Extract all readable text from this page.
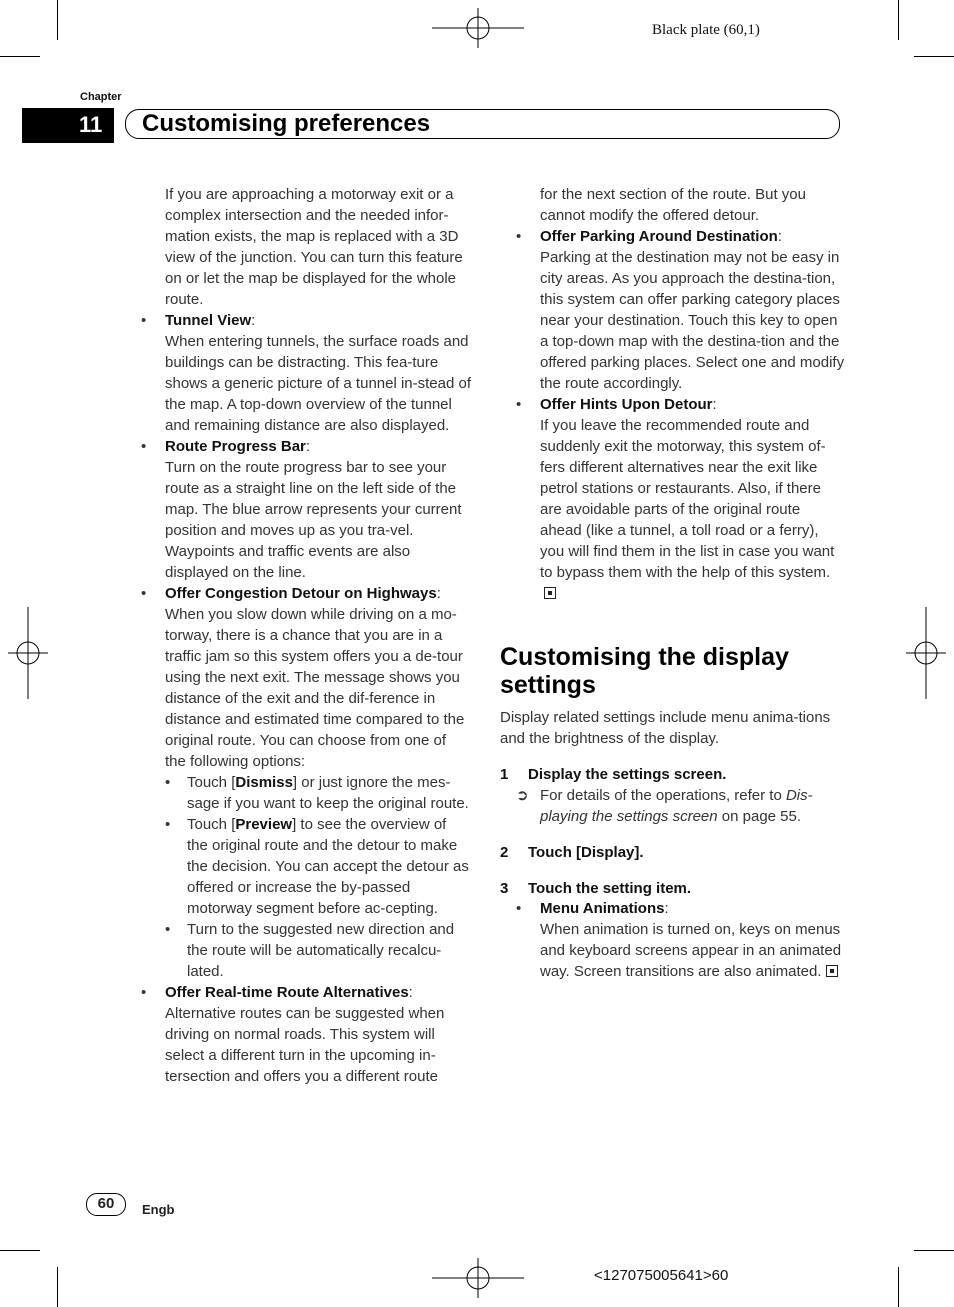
Black plate (60,1)
Chapter
11 Customising preferences

If you are approaching a motorway exit or a complex intersection and the needed infor-mation exists, the map is replaced with a 3D view of the junction. You can turn this feature on or let the map be displayed for the whole route.

• Tunnel View:

When entering tunnels, the surface roads and buildings can be distracting. This fea-ture shows a generic picture of a tunnel in-stead of the map. A top-down overview of the tunnel and remaining distance are also displayed.

• Route Progress Bar:

Turn on the route progress bar to see your route as a straight line on the left side of the map. The blue arrow represents your current position and moves up as you tra-vel. Waypoints and traffic events are also displayed on the line.

• Offer Congestion Detour on Highways:

When you slow down while driving on a mo-torway, there is a chance that you are in a traffic jam so this system offers you a de-tour using the next exit. The message shows you distance of the exit and the dif-ference in distance and estimated time compared to the original route. You can choose from one of the following options:

• Touch [Dismiss] or just ignore the mes-sage if you want to keep the original route.
• Touch [Preview] to see the overview of the original route and the detour to make the decision. You can accept the detour as offered or increase the by-passed motorway segment before ac-cepting.
• Turn to the suggested new direction and the route will be automatically recalcu-lated.
• Offer Real-time Route Alternatives:

Alternative routes can be suggested when driving on normal roads. This system will select a different turn in the upcoming in-tersection and offers you a different route

for the next section of the route. But you cannot modify the offered detour.

• Offer Parking Around Destination:

Parking at the destination may not be easy in city areas. As you approach the destina-tion, this system can offer parking category places near your destination. Touch this key to open a top-down map with the destina-tion and the offered parking places. Select one and modify the route accordingly.

• Offer Hints Upon Detour:

If you leave the recommended route and suddenly exit the motorway, this system of-fers different alternatives near the exit like petrol stations or restaurants. Also, if there are avoidable parts of the original route ahead (like a tunnel, a toll road or a ferry), you will find them in the list in case you want to bypass them with the help of this system.

Customising the display settings

Display related settings include menu anima-tions and the brightness of the display.

1 Display the settings screen.
➲ For details of the operations, refer to Dis-playing the settings screen on page 55.
2 Touch [Display].
3 Touch the setting item.
• Menu Animations:

When animation is turned on, keys on menus and keyboard screens appear in an animated way. Screen transitions are also animated.

60	Engb
<127075005641>60
